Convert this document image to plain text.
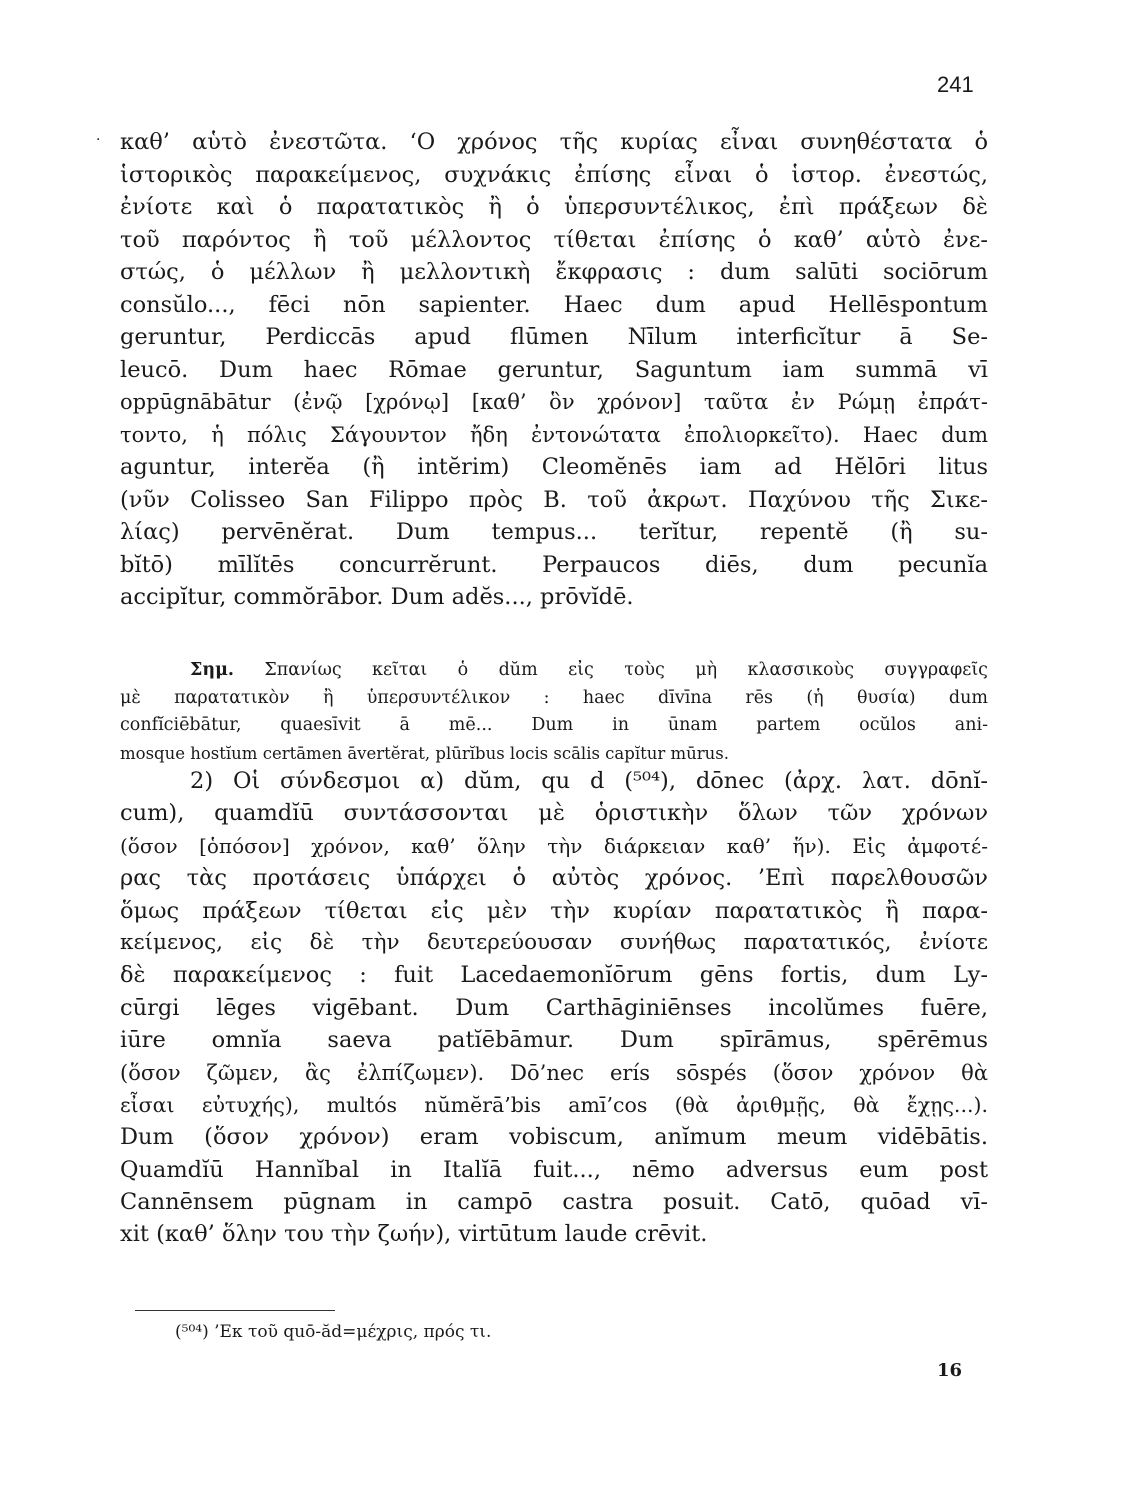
241
· καθ’ αὑτὸ ἐνεστῶτα. ‘Ο χρόνος τῆς κυρίας εἶναι συνηθέστατα ὁ
ἱστορικὸς παρακείμενος, συχνάκις ἐπίσης εἶναι ὁ ἱστορ. ἐνεστώς,
ἐνίοτε καὶ ὁ παρατατικὸς ἢ ὁ ὑπερσυντέλικος, ἐπὶ πράξεων δὲ
τοῦ παρόντος ἢ τοῦ μέλλοντος τίθεται ἐπίσης ὁ καθ’ αὑτὸ ἐνε-
στώς, ὁ μέλλων ἢ μελλοντικὴ ἔκφρασις : dum salūti sociōrum
consŭlo..., fēci nōn sapienter. Haec dum apud Hellēspontum
geruntur, Perdiccās apud flūmen Nīlum interficĭtur ā Se-
leucō. Dum haec Rōmae geruntur, Saguntum iam summā vī
oppūgnābātur (ἐνῷ [χρόνῳ] [καθ’ ὃν χρόνον] ταῦτα ἐν Ρώμῃ ἐπράτ-
τοντο, ἡ πόλις Σάγουντον ἤδη ἐντονώτατα ἐπολιορκεῖτο). Haec dum
aguntur, interĕa (ἢ intĕrim) Cleomĕnēs iam ad Hĕlōri litus
(νῦν Colisseo San Filippo πρὸς Β. τοῦ ἀκρωτ. Παχύνου τῆς Σικε-
λίας) pervēnĕrat. Dum tempus... terĭtur, repentĕ (ἢ su-
bĭtō) mīlĭtēs concurrĕrunt. Perpaucos diēs, dum pecunĭa
accipĭtur, commŏrābor. Dum adĕs..., prōvĭdē.
Σημ. Σπανίως κεῖται ὁ dŭm εἰς τοὺς μὴ κλασσικοὺς συγγραφεῖς
μὲ παρατατικὸν ἢ ὑπερσυντέλικον : haec dīvīna rēs (ἡ θυσία) dum
confĭciēbātur, quaesīvit ā mē... Dum in ūnam partem ocŭlos ani-
mosque hostĭum certāmen āvertĕrat, plūrĭbus locis scālis capĭtur mūrus.
2) Οἱ σύνδεσμοι α) dŭm, qu d (⁵⁰⁴), dōnec (ἀρχ. λατ. dōnĭ-
cum), quamdĭū συντάσσονται μὲ ὁριστικὴν ὅλων τῶν χρόνων
(ὅσον [ὁπόσον] χρόνον, καθ’ ὅλην τὴν διάρκειαν καθ’ ἥν). Εἰς ἀμφοτέ-
ρας τὰς προτάσεις ὑπάρχει ὁ αὐτὸς χρόνος. ’Επὶ παρελθουσῶν
ὅμως πράξεων τίθεται εἰς μὲν τὴν κυρίαν παρατατικὸς ἢ παρα-
κείμενος, εἰς δὲ τὴν δευτερεύουσαν συνήθως παρατατικός, ἐνίοτε
δὲ παρακείμενος : fuit Lacedaemonĭōrum gēns fortis, dum Ly-
cūrgi lēges vigēbant. Dum Carthāginiēnses incolŭmes fuēre,
iūre omnĭa saeva patĭēbāmur. Dum spīrāmus, spērēmus
(ὅσον ζῶμεν, ἂς ἐλπίζωμεν). Dō’nec erís sōspés (ὅσον χρόνον θὰ
εἶσαι εὐτυχής), multós nŭmĕrā’bis amī’cos (θὰ ἀριθμῇς, θὰ ἔχῃς...).
Dum (ὅσον χρόνον) eram vobiscum, anĭmum meum vidēbātis.
Quamdĭū Hannĭbal in Italĭā fuit..., nēmo adversus eum post
Cannēnsem pūgnam in campō castra posuit. Catō, quōad vī-
xit (καθ’ ὅλην του τὴν ζωήν), virtūtum laude crēvit.
(⁵⁰⁴) ’Εκ τοῦ quō-ăd=μέχρις, πρός τι.
16
